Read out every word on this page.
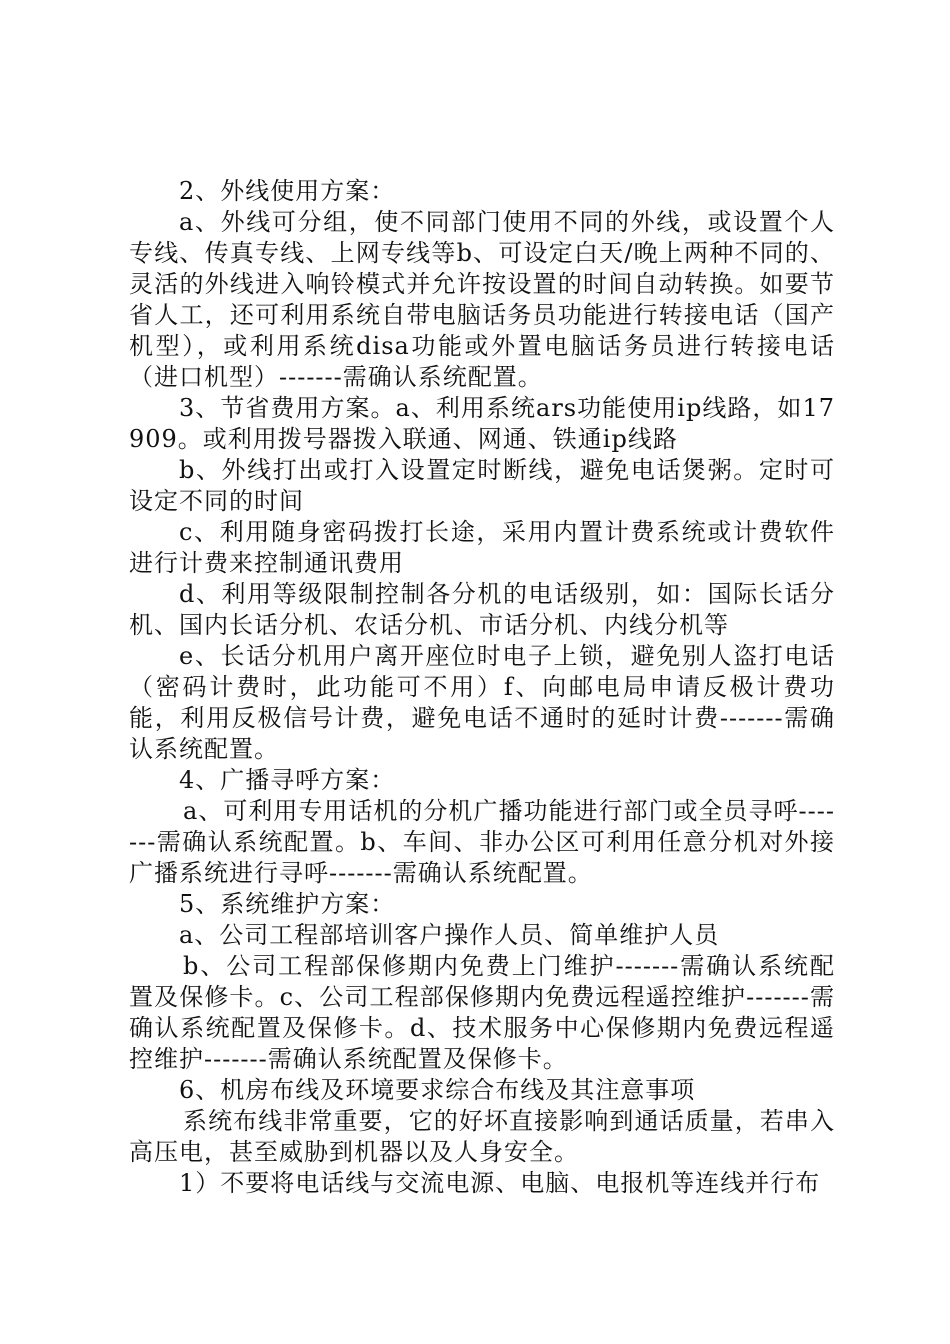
2、外线使用方案：

a、外线可分组，使不同部门使用不同的外线，或设置个人专线、传真专线、上网专线等b、可设定白天/晚上两种不同的、灵活的外线进入响铃模式并允许按设置的时间自动转换。如要节省人工，还可利用系统自带电脑话务员功能进行转接电话（国产机型），或利用系统disa功能或外置电脑话务员进行转接电话（进口机型）-------需确认系统配置。

3、节省费用方案。a、利用系统ars功能使用ip线路，如17909。或利用拨号器拨入联通、网通、铁通ip线路

b、外线打出或打入设置定时断线，避免电话煲粥。定时可设定不同的时间

c、利用随身密码拨打长途，采用内置计费系统或计费软件进行计费来控制通讯费用

d、利用等级限制控制各分机的电话级别，如：国际长话分机、国内长话分机、农话分机、市话分机、内线分机等

e、长话分机用户离开座位时电子上锁，避免别人盗打电话（密码计费时，此功能可不用）f、向邮电局申请反极计费功能，利用反极信号计费，避免电话不通时的延时计费-------需确认系统配置。

4、广播寻呼方案：

a、可利用专用话机的分机广播功能进行部门或全员寻呼-------需确认系统配置。b、车间、非办公区可利用任意分机对外接广播系统进行寻呼-------需确认系统配置。

5、系统维护方案：

a、公司工程部培训客户操作人员、简单维护人员

b、公司工程部保修期内免费上门维护-------需确认系统配置及保修卡。c、公司工程部保修期内免费远程遥控维护-------需确认系统配置及保修卡。d、技术服务中心保修期内免费远程遥控维护-------需确认系统配置及保修卡。

6、机房布线及环境要求综合布线及其注意事项

系统布线非常重要，它的好坏直接影响到通话质量，若串入高压电，甚至威胁到机器以及人身安全。

1）不要将电话线与交流电源、电脑、电报机等连线并行布
